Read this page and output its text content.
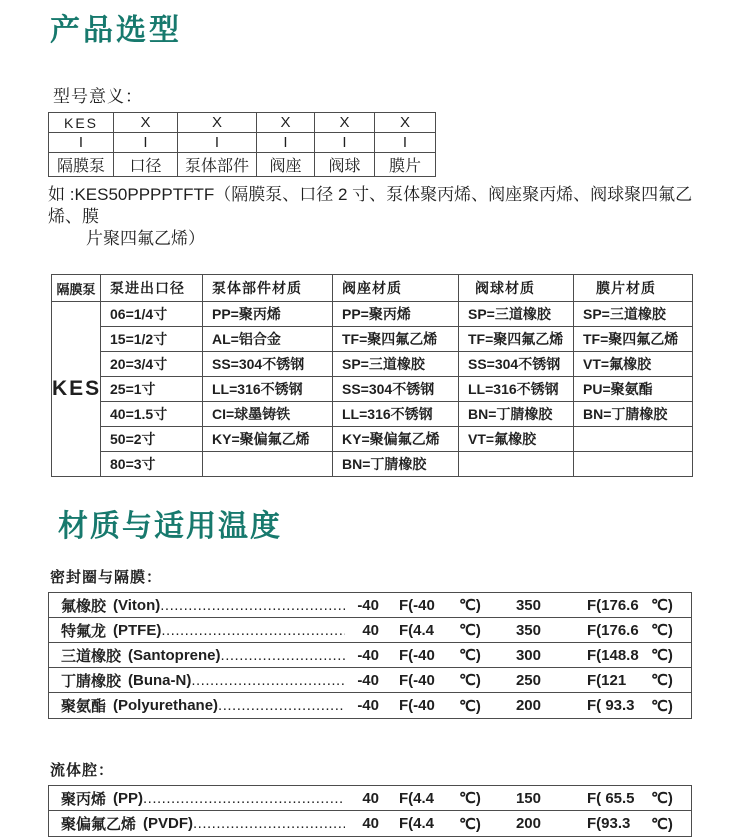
产品选型
型号意义：
KES	X	X	X	X	X
I	I	I	I	I	I
隔膜泵	口径	泵体部件	阀座	阀球	膜片
如 :KES50PPPPTFTF（隔膜泵、口径 2 寸、泵体聚丙烯、阀座聚丙烯、阀球聚四氟乙烯、膜
片聚四氟乙烯）
隔膜泵	泵进出口径	泵体部件材质	阀座材质	阀球材质	膜片材质
KES	06=1/4寸	PP=聚丙烯	PP=聚丙烯	SP=三道橡胶	SP=三道橡胶
	15=1/2寸	AL=铝合金	TF=聚四氟乙烯	TF=聚四氟乙烯	TF=聚四氟乙烯
	20=3/4寸	SS=304不锈钢	SP=三道橡胶	SS=304不锈钢	VT=氟橡胶
	25=1寸	LL=316不锈钢	SS=304不锈钢	LL=316不锈钢	PU=聚氨酯
	40=1.5寸	CI=球墨铸铁	LL=316不锈钢	BN=丁腈橡胶	BN=丁腈橡胶
	50=2寸	KY=聚偏氟乙烯	KY=聚偏氟乙烯	VT=氟橡胶	
	80=3寸		BN=丁腈橡胶		
材质与适用温度
密封圈与隔膜：
氟橡胶 (Viton) .....	-40 F(-40	℃)	350	F(176.6 ℃)
特氟龙 (PTFE) .....	40 F(4.4	℃)	350	F(176.6 ℃)
三道橡胶 (Santoprene) .....	-40 F(-40	℃)	300	F(148.8 ℃)
丁腈橡胶 (Buna-N) .....	-40 F(-40	℃)	250	F(121	℃)
聚氨酯 (Polyurethane) .....	-40 F(-40	℃)	200	F( 93.3	℃)
流体腔：
聚丙烯 (PP) .....	40 F(4.4	℃)	150	F( 65.5	℃)
聚偏氟乙烯 (PVDF) .....	40 F(4.4	℃)	200	F(93.3	℃)
